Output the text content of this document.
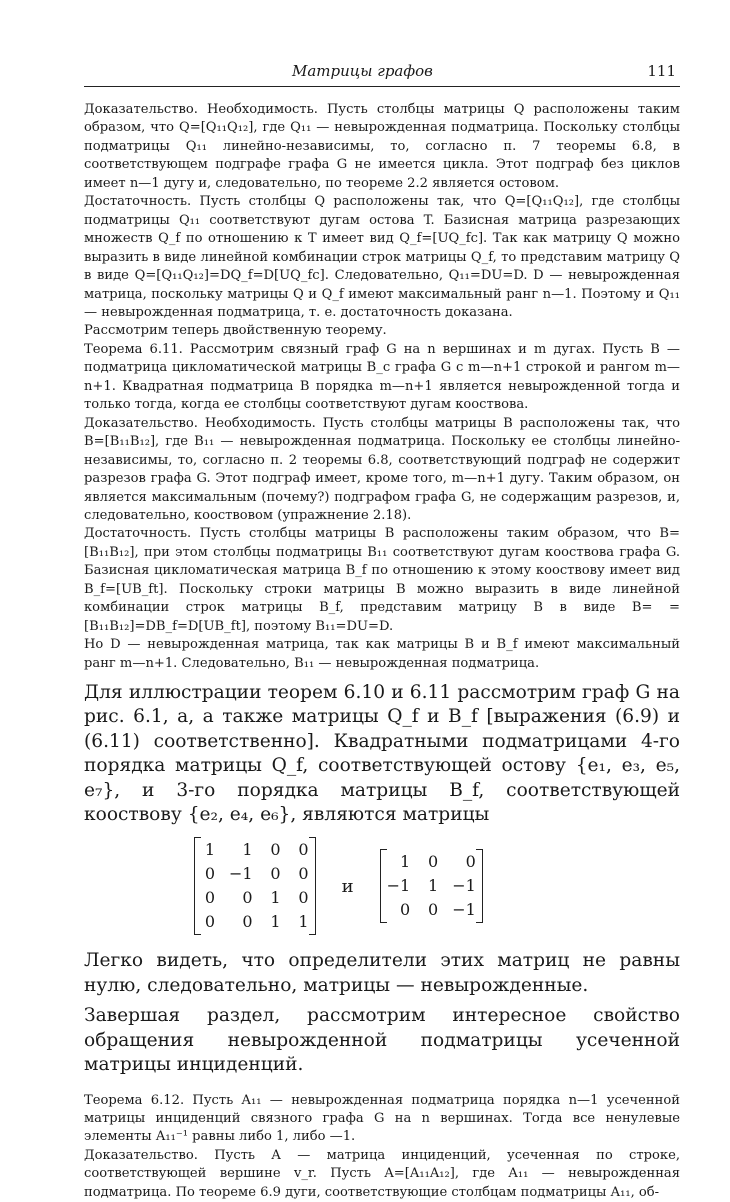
Матрицы графов	111

Доказательство. Необходимость. Пусть столбцы матрицы Q расположены таким образом, что Q=[Q₁₁Q₁₂], где Q₁₁ — невырожденная подматрица. Поскольку столбцы подматрицы Q₁₁ линейно-независимы, то, согласно п. 7 теоремы 6.8, в соответствующем подграфе графа G не имеется цикла. Этот подграф без циклов имеет n—1 дугу и, следовательно, по теореме 2.2 является остовом.

Достаточность. Пусть столбцы Q расположены так, что Q=[Q₁₁Q₁₂], где столбцы подматрицы Q₁₁ соответствуют дугам остова T. Базисная матрица разрезающих множеств Q_f по отношению к T имеет вид Q_f=[UQ_fc]. Так как матрицу Q можно выразить в виде линейной комбинации строк матрицы Q_f, то представим матрицу Q в виде Q=[Q₁₁Q₁₂]=DQ_f=D[UQ_fc]. Следовательно, Q₁₁=DU=D. D — невырожденная матрица, поскольку матрицы Q и Q_f имеют максимальный ранг n—1. Поэтому и Q₁₁ — невырожденная подматрица, т. е. достаточность доказана.

Рассмотрим теперь двойственную теорему.

Теорема 6.11. Рассмотрим связный граф G на n вершинах и m дугах. Пусть B — подматрица цикломатической матрицы B_c графа G с m—n+1 строкой и рангом m—n+1. Квадратная подматрица B порядка m—n+1 является невырожденной тогда и только тогда, когда ее столбцы соответствуют дугам кооствова.

Доказательство. Необходимость. Пусть столбцы матрицы B расположены так, что B=[B₁₁B₁₂], где B₁₁ — невырожденная подматрица. Поскольку ее столбцы линейно-независимы, то, согласно п. 2 теоремы 6.8, соответствующий подграф не содержит разрезов графа G. Этот подграф имеет, кроме того, m—n+1 дугу. Таким образом, он является максимальным (почему?) подграфом графа G, не содержащим разрезов, и, следовательно, кооствовом (упражнение 2.18).

Достаточность. Пусть столбцы матрицы B расположены таким образом, что B=[B₁₁B₁₂], при этом столбцы подматрицы B₁₁ соответствуют дугам кооствова графа G. Базисная цикломатическая матрица B_f по отношению к этому кооствову имеет вид B_f=[UB_ft]. Поскольку строки матрицы B можно выразить в виде линейной комбинации строк матрицы B_f, представим матрицу B в виде B= =[B₁₁B₁₂]=DB_f=D[UB_ft], поэтому B₁₁=DU=D.

Но D — невырожденная матрица, так как матрицы B и B_f имеют максимальный ранг m—n+1. Следовательно, B₁₁ — невырожденная подматрица.

Для иллюстрации теорем 6.10 и 6.11 рассмотрим граф G на рис. 6.1, a, а также матрицы Q_f и B_f [выражения (6.9) и (6.11) соответственно]. Квадратными подматрицами 4-го порядка матрицы Q_f, соответствующей остову {e₁, e₃, e₅, e₇}, и 3-го порядка матрицы B_f, соответствующей кооствову {e₂, e₄, e₆}, являются матрицы

1	1 0 0
0 −1 0 0
0	0 1 0
0	0 1 1
и
1 0	0
−1 1 −1
0 0 −1

Легко видеть, что определители этих матриц не равны нулю, следовательно, матрицы — невырожденные.

Завершая раздел, рассмотрим интересное свойство обращения невырожденной подматрицы усеченной матрицы инциденций.

Теорема 6.12. Пусть A₁₁ — невырожденная подматрица порядка n—1 усеченной матрицы инциденций связного графа G на n вершинах. Тогда все ненулевые элементы A₁₁⁻¹ равны либо 1, либо —1.

Доказательство. Пусть A — матрица инциденций, усеченная по строке, соответствующей вершине v_r. Пусть A=[A₁₁A₁₂], где A₁₁ — невырожденная подматрица. По теореме 6.9 дуги, соответствующие столбцам подматрицы A₁₁, об-
